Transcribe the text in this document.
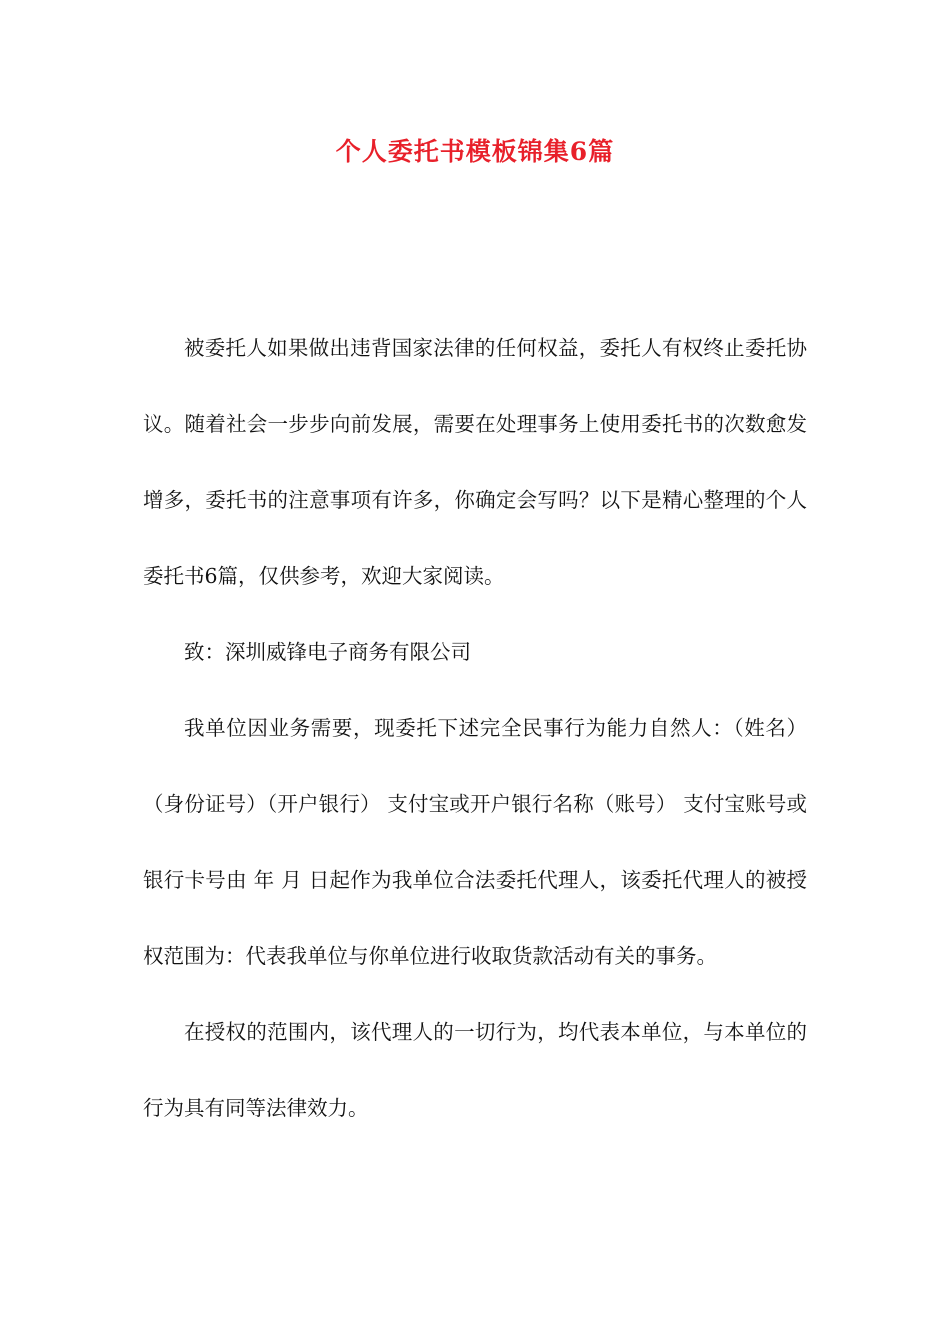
个人委托书模板锦集6篇

被委托人如果做出违背国家法律的任何权益，委托人有权终止委托协议。随着社会一步步向前发展，需要在处理事务上使用委托书的次数愈发增多，委托书的注意事项有许多，你确定会写吗？以下是精心整理的个人委托书6篇，仅供参考，欢迎大家阅读。

致：深圳威锋电子商务有限公司

我单位因业务需要，现委托下述完全民事行为能力自然人：（姓名）（身份证号）（开户银行） 支付宝或开户银行名称（账号） 支付宝账号或银行卡号由 年 月 日起作为我单位合法委托代理人，该委托代理人的被授权范围为：代表我单位与你单位进行收取货款活动有关的事务。

在授权的范围内，该代理人的一切行为，均代表本单位，与本单位的行为具有同等法律效力。
